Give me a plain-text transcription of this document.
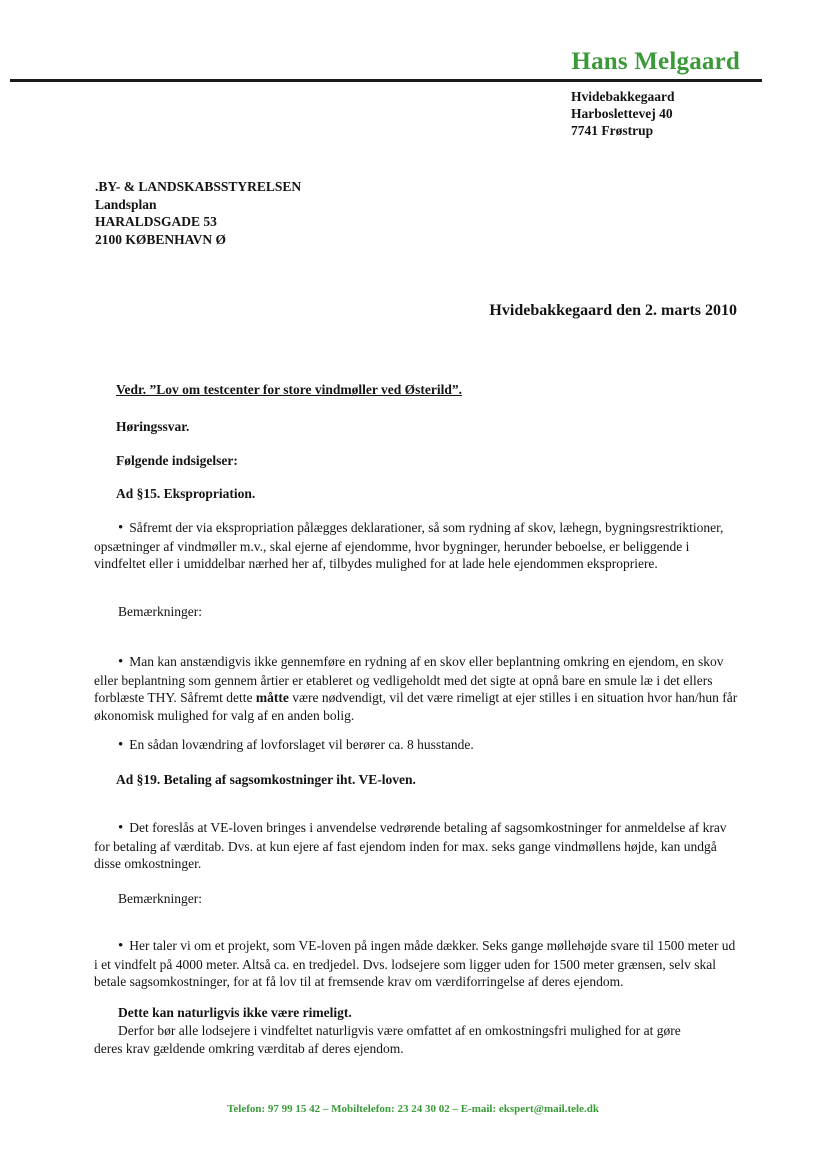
Hans Melgaard
Hvidebakkegaard
Harboslettevej 40
7741 Frøstrup
.BY- & LANDSKABSSTYRELSEN
Landsplan
HARALDSGADE 53
2100 KØBENHAVN Ø
Hvidebakkegaard den 2. marts 2010
Vedr. ”Lov om testcenter for store vindmøller ved Østerild”.
Høringssvar.
Følgende indsigelser:
Ad §15. Ekspropriation.
• Såfremt der via ekspropriation pålægges deklarationer, så som rydning af skov, læhegn, bygningsrestriktioner, opsætninger af vindmøller m.v., skal ejerne af ejendomme, hvor bygninger, herunder beboelse, er beliggende i vindfeltet eller i umiddelbar nærhed her af, tilbydes mulighed for at lade hele ejendommen ekspropriere.
Bemærkninger:
• Man kan anstændigvis ikke gennemføre en rydning af en skov eller beplantning omkring en ejendom, en skov eller beplantning som gennem årtier er etableret og vedligeholdt med det sigte at opnå bare en smule læ i det ellers forblæste THY. Såfremt dette måtte være nødvendigt, vil det være rimeligt at ejer stilles i en situation hvor han/hun får økonomisk mulighed for valg af en anden bolig.
• En sådan lovændring af lovforslaget vil berører ca. 8 husstande.
Ad §19. Betaling af sagsomkostninger iht. VE-loven.
• Det foreslås at VE-loven bringes i anvendelse vedrørende betaling af sagsomkostninger for anmeldelse af krav for betaling af værditab. Dvs. at kun ejere af fast ejendom inden for max. seks gange vindmøllens højde, kan undgå disse omkostninger.
Bemærkninger:
• Her taler vi om et projekt, som VE-loven på ingen måde dækker. Seks gange møllehøjde svare til 1500 meter ud i et vindfelt på 4000 meter. Altså ca. en tredjedel. Dvs. lodsejere som ligger uden for 1500 meter grænsen, selv skal betale sagsomkostninger, for at få lov til at fremsende krav om værdiforringelse af deres ejendom.
Dette kan naturligvis ikke være rimeligt.
Derfor bør alle lodsejere i vindfeltet naturligvis være omfattet af en omkostningsfri mulighed for at gøre
deres krav gældende omkring værditab af deres ejendom.
Telefon: 97 99 15 42 – Mobiltelefon: 23 24 30 02 – E-mail: ekspert@mail.tele.dk
